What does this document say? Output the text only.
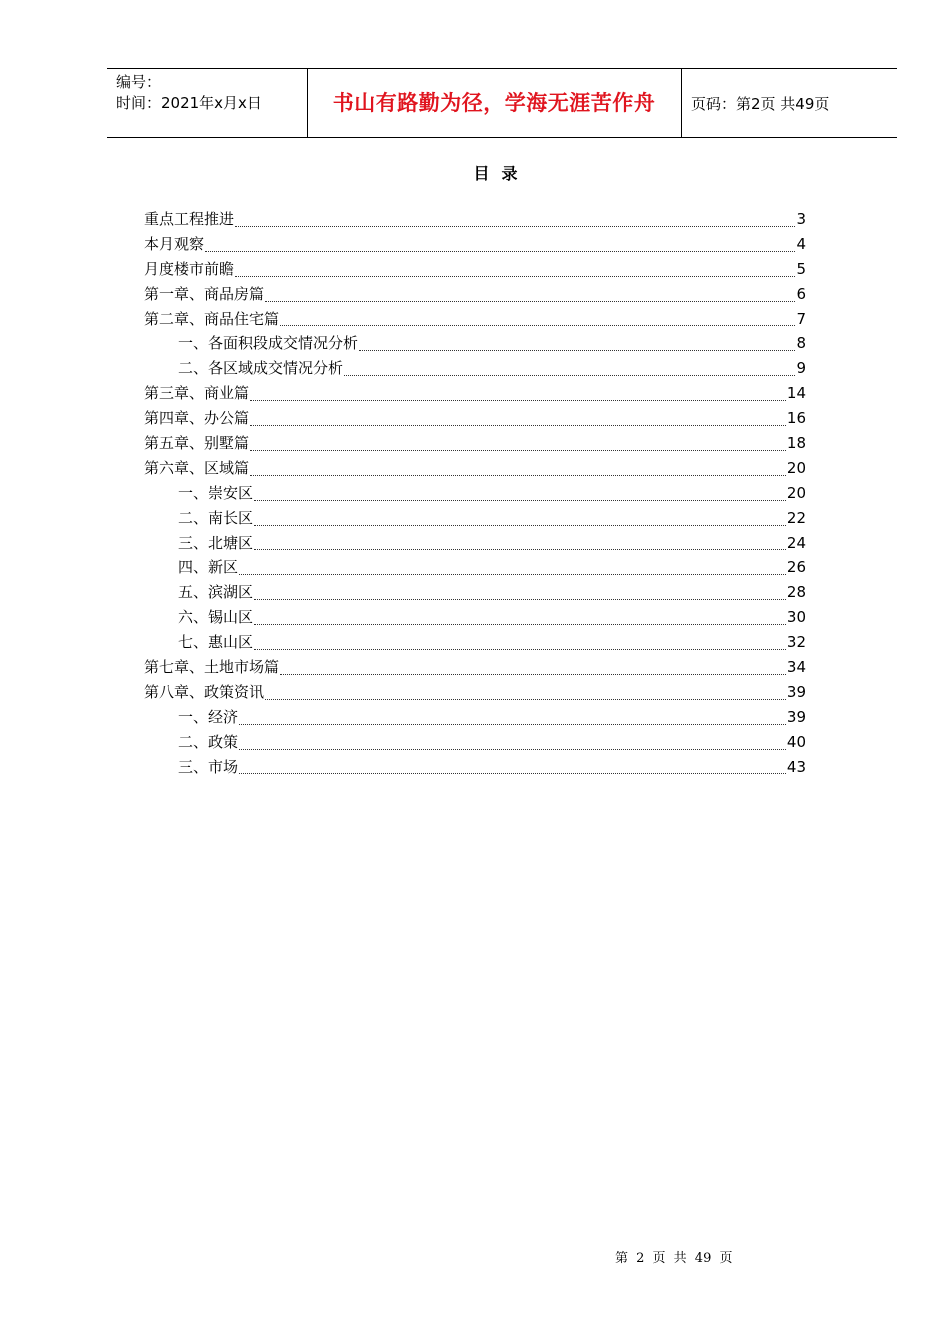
编号：
时间：2021年x月x日	书山有路勤为径，学海无涯苦作舟	页码：第2页 共49页
目录
重点工程推进	3
本月观察	4
月度楼市前瞻	5
第一章、商品房篇	6
第二章、商品住宅篇	7
一、各面积段成交情况分析	8
二、各区域成交情况分析	9
第三章、商业篇	14
第四章、办公篇	16
第五章、别墅篇	18
第六章、区域篇	20
一、崇安区	20
二、南长区	22
三、北塘区	24
四、新区	26
五、滨湖区	28
六、锡山区	30
七、惠山区	32
第七章、土地市场篇	34
第八章、政策资讯	39
一、经济	39
二、政策	40
三、市场	43
第 2 页 共 49 页
